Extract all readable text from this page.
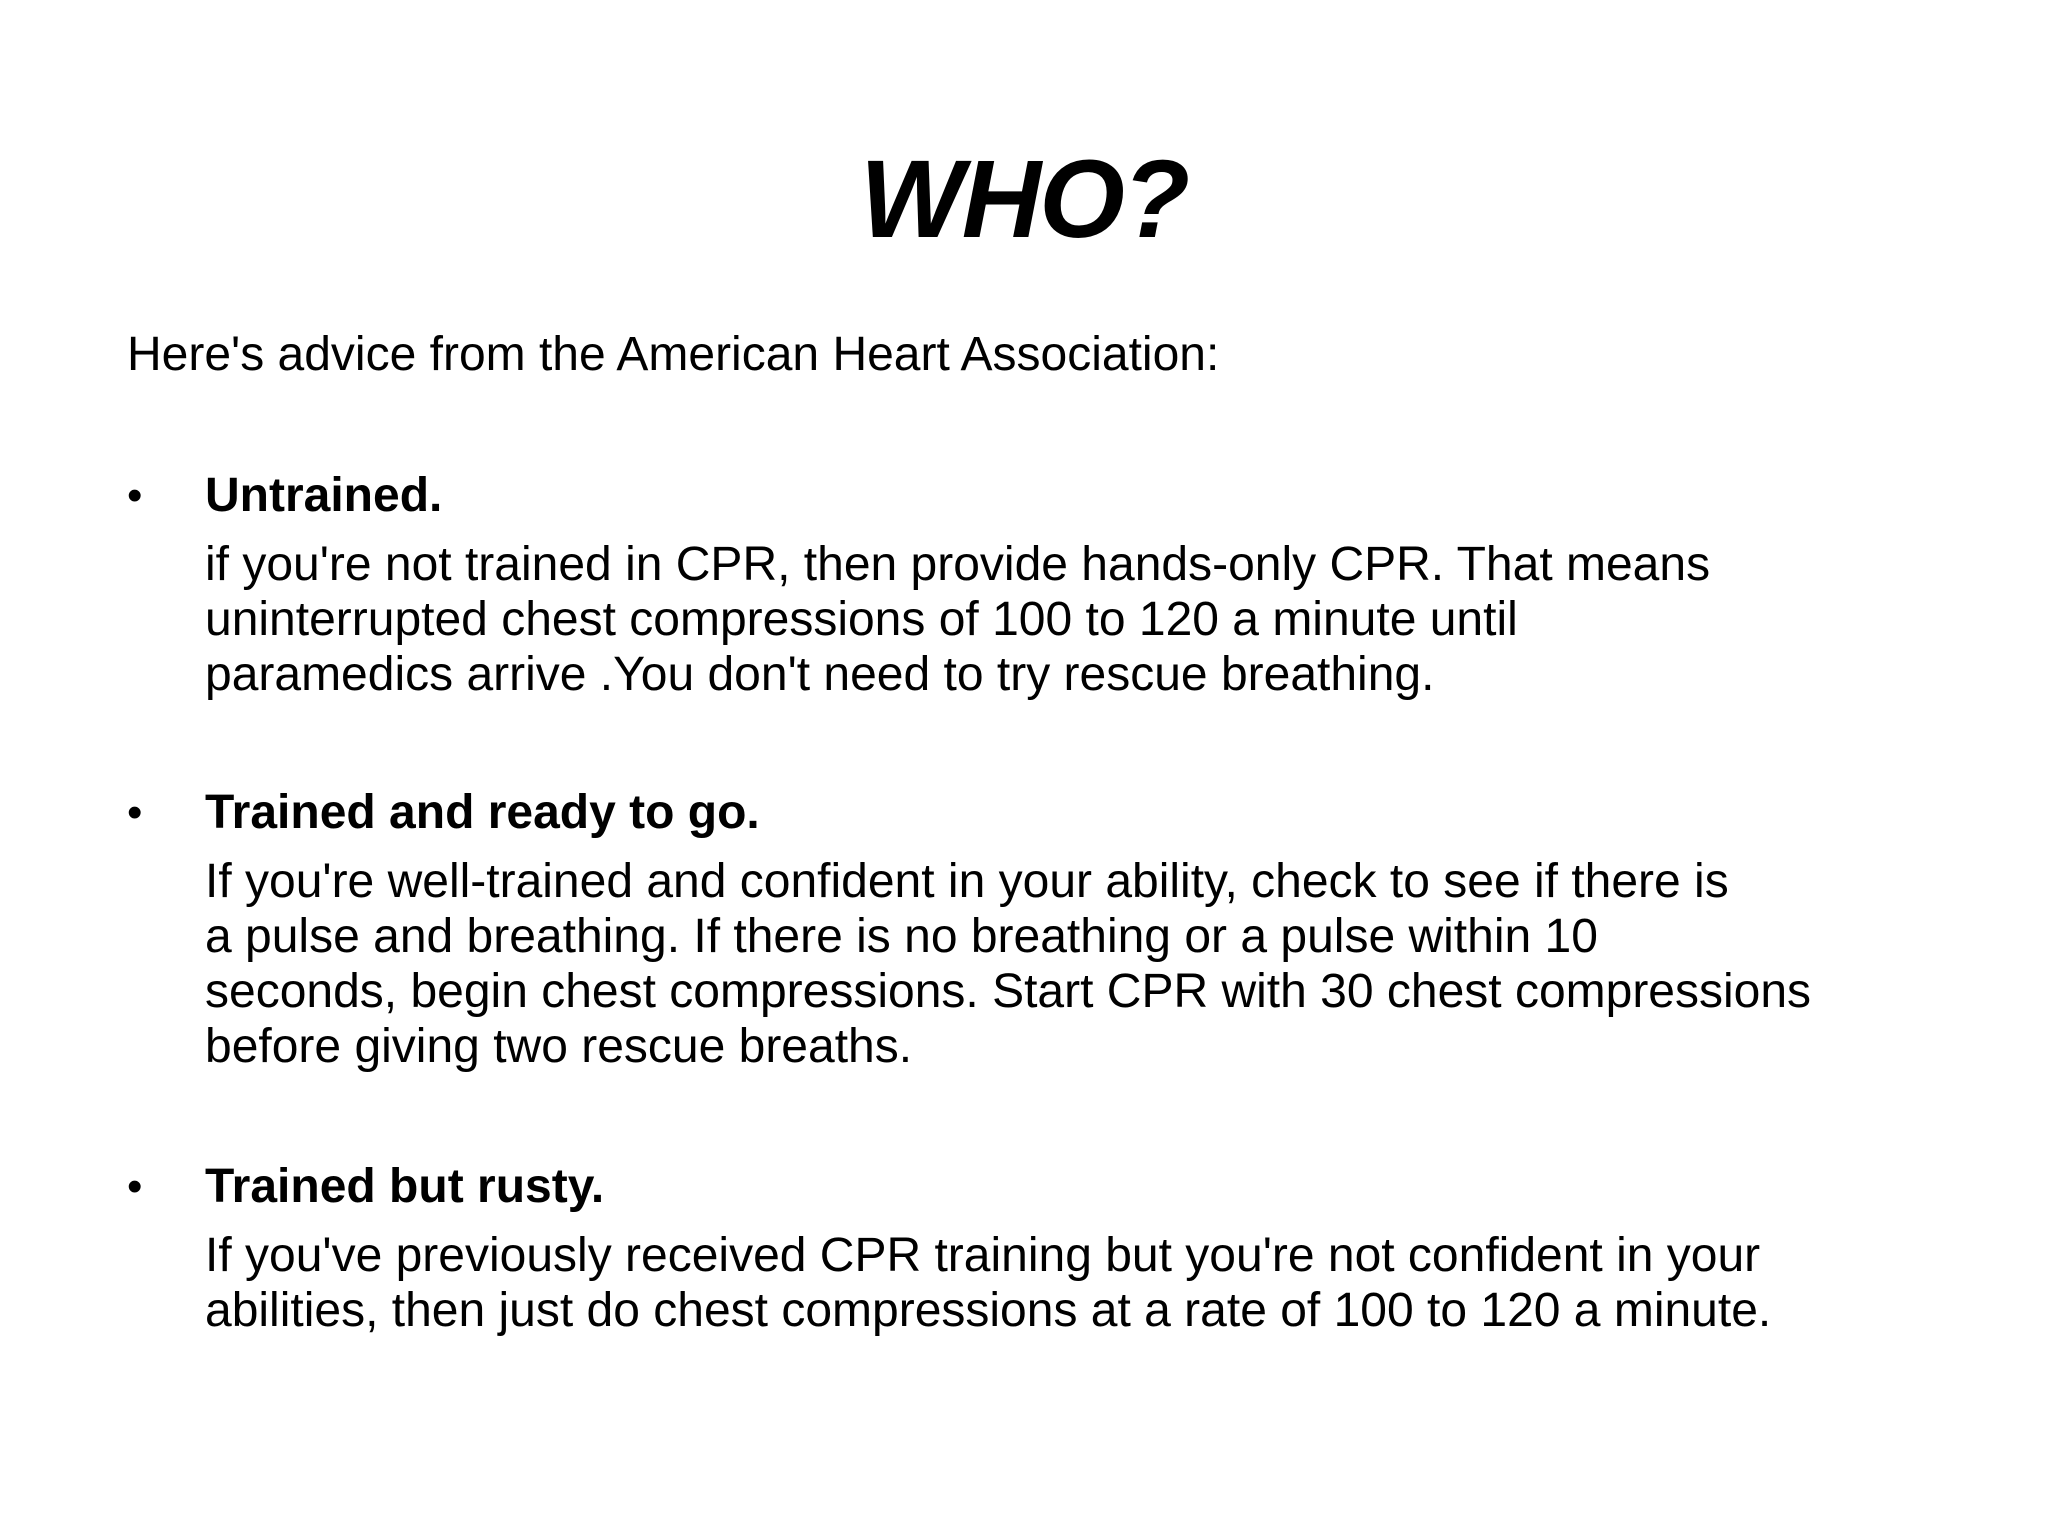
WHO?
Here's advice from the American Heart Association:
•	Untrained.
if you're not trained in CPR, then provide hands-only CPR. That means
uninterrupted chest compressions of 100 to 120 a minute until
paramedics arrive .You don't need to try rescue breathing.
•	Trained and ready to go.
If you're well-trained and confident in your ability, check to see if there is
a pulse and breathing. If there is no breathing or a pulse within 10
seconds, begin chest compressions. Start CPR with 30 chest compressions
before giving two rescue breaths.
•	Trained but rusty.
If you've previously received CPR training but you're not confident in your
abilities, then just do chest compressions at a rate of 100 to 120 a minute.
